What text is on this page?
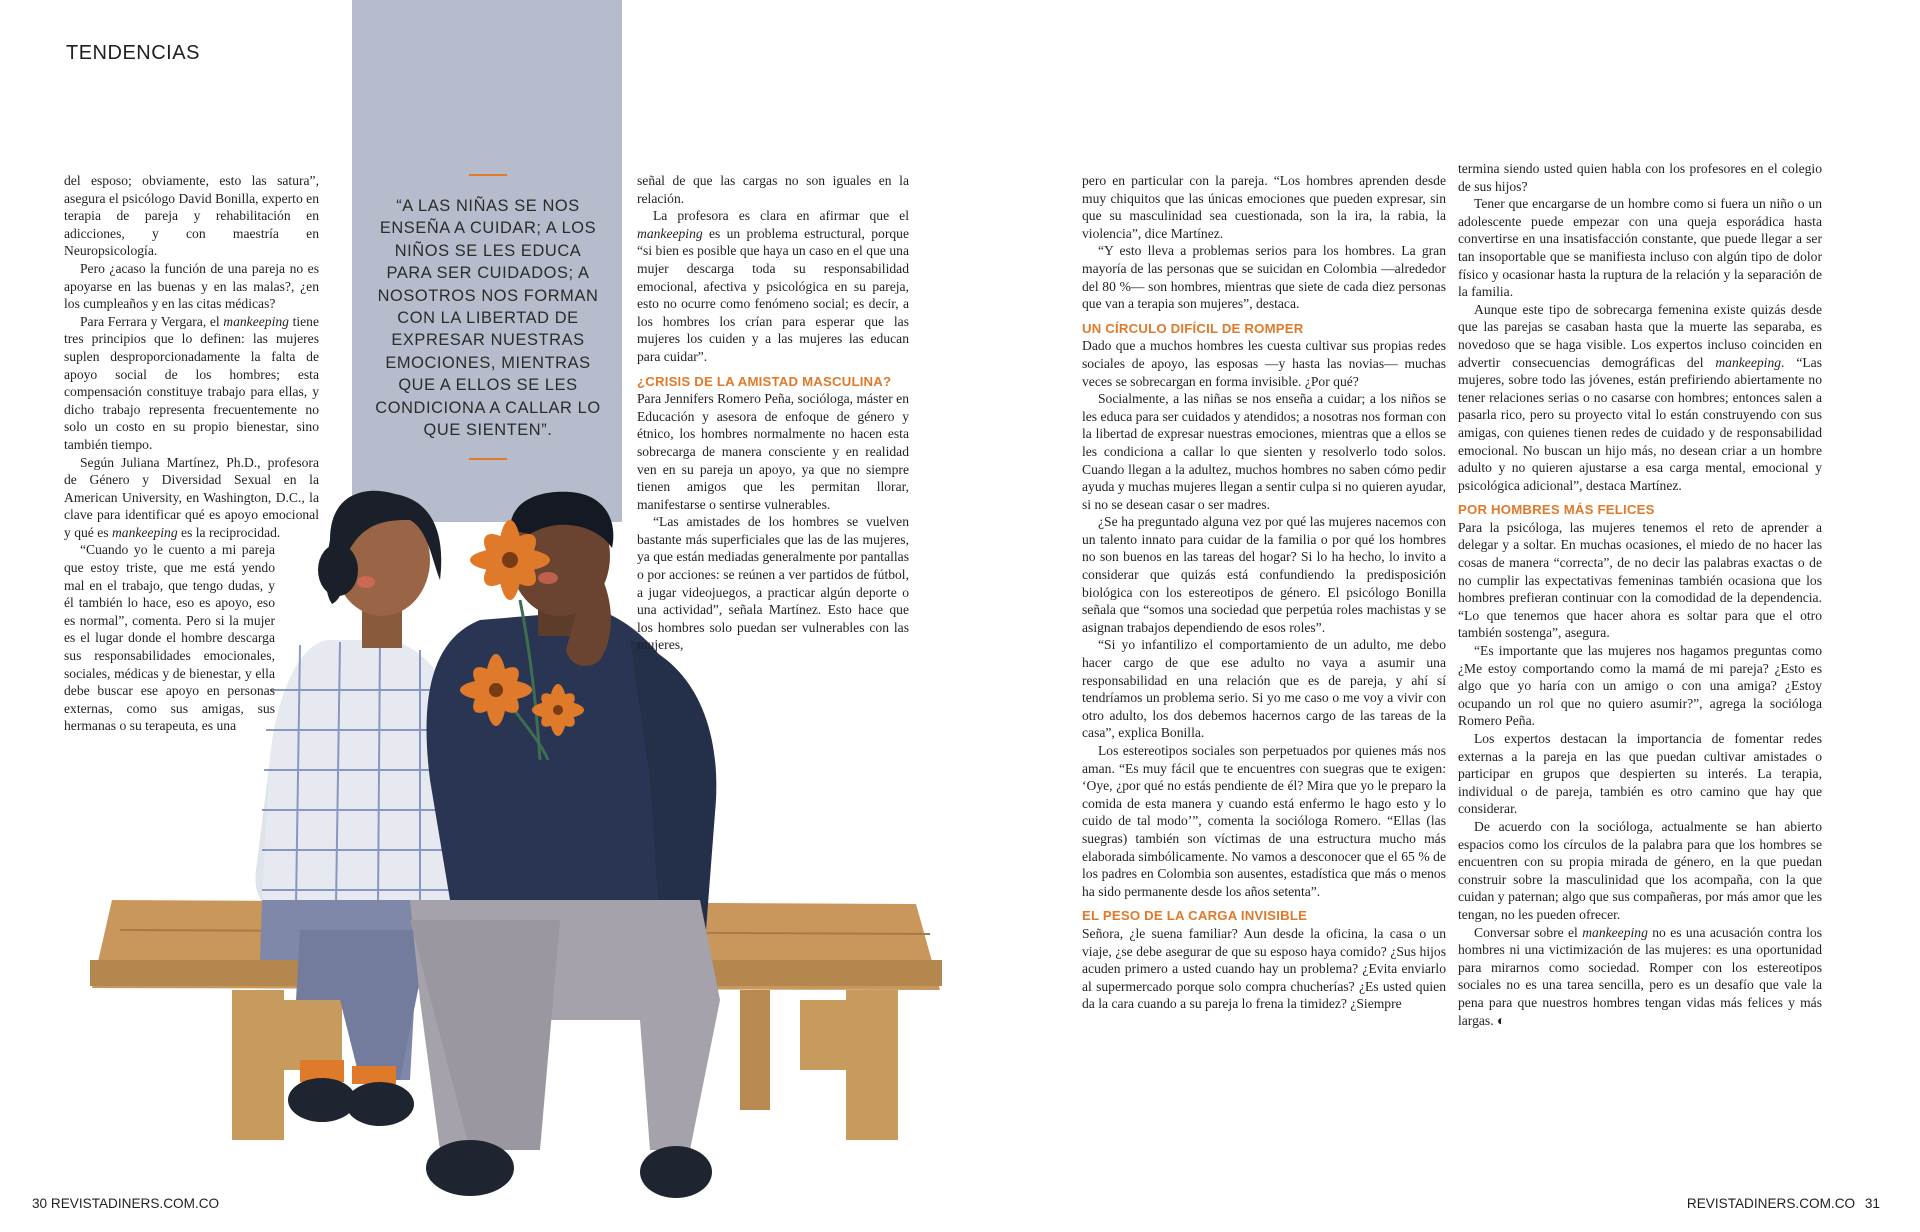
TENDENCIAS
“A LAS NIÑAS SE NOS ENSEÑA A CUIDAR; A LOS NIÑOS SE LES EDUCA PARA SER CUIDADOS; A NOSOTROS NOS FORMAN CON LA LIBERTAD DE EXPRESAR NUESTRAS EMOCIONES, MIENTRAS QUE A ELLOS SE LES CONDICIONA A CALLAR LO QUE SIENTEN”.

del esposo; obviamente, esto las satura”, asegura el psicólogo David Bonilla, experto en terapia de pareja y rehabilitación en adicciones, y con maestría en Neuropsicología.

Pero ¿acaso la función de una pareja no es apoyarse en las buenas y en las malas?, ¿en los cumpleaños y en las citas médicas?

Para Ferrara y Vergara, el mankeeping tiene tres principios que lo definen: las mujeres suplen desproporcionadamente la falta de apoyo social de los hombres; esta compensación constituye trabajo para ellas, y dicho trabajo representa frecuentemente no solo un costo en su propio bienestar, sino también tiempo.

Según Juliana Martínez, Ph.D., profesora de Género y Diversidad Sexual en la American University, en Washington, D.C., la clave para identificar qué es apoyo emocional y qué es mankeeping es la reciprocidad.

“Cuando yo le cuento a mi pareja que estoy triste, que me está yendo mal en el trabajo, que tengo dudas, y él también lo hace, eso es apoyo, eso es normal”, comenta. Pero si la mujer es el lugar donde el hombre descarga sus responsabilidades emocionales, sociales, médicas y de bienestar, y ella debe buscar ese apoyo en personas externas, como sus amigas, sus hermanas o su terapeuta, es una

señal de que las cargas no son iguales en la relación.

La profesora es clara en afirmar que el mankeeping es un problema estructural, porque “si bien es posible que haya un caso en el que una mujer descarga toda su responsabilidad emocional, afectiva y psicológica en su pareja, esto no ocurre como fenómeno social; es decir, a los hombres los crían para esperar que las mujeres los cuiden y a las mujeres las educan para cuidar”.

¿CRISIS DE LA AMISTAD MASCULINA?

Para Jennifers Romero Peña, socióloga, máster en Educación y asesora de enfoque de género y étnico, los hombres normalmente no hacen esta sobrecarga de manera consciente y en realidad ven en su pareja un apoyo, ya que no siempre tienen amigos que les permitan llorar, manifestarse o sentirse vulnerables.

“Las amistades de los hombres se vuelven bastante más superficiales que las de las mujeres, ya que están mediadas generalmente por pantallas o por acciones: se reúnen a ver partidos de fútbol, a jugar videojuegos, a practicar algún deporte o una actividad”, señala Martínez. Esto hace que los hombres solo puedan ser vulnerables con las mujeres,

pero en particular con la pareja. “Los hombres aprenden desde muy chiquitos que las únicas emociones que pueden expresar, sin que su masculinidad sea cuestionada, son la ira, la rabia, la violencia”, dice Martínez.

“Y esto lleva a problemas serios para los hombres. La gran mayoría de las personas que se suicidan en Colombia —alrededor del 80 %— son hombres, mientras que siete de cada diez personas que van a terapia son mujeres”, destaca.

UN CÍRCULO DIFÍCIL DE ROMPER

Dado que a muchos hombres les cuesta cultivar sus propias redes sociales de apoyo, las esposas —y hasta las novias— muchas veces se sobrecargan en forma invisible. ¿Por qué?

Socialmente, a las niñas se nos enseña a cuidar; a los niños se les educa para ser cuidados y atendidos; a nosotras nos forman con la libertad de expresar nuestras emociones, mientras que a ellos se les condiciona a callar lo que sienten y resolverlo todo solos. Cuando llegan a la adultez, muchos hombres no saben cómo pedir ayuda y muchas mujeres llegan a sentir culpa si no quieren ayudar, si no se desean casar o ser madres.

¿Se ha preguntado alguna vez por qué las mujeres nacemos con un talento innato para cuidar de la familia o por qué los hombres no son buenos en las tareas del hogar? Si lo ha hecho, lo invito a considerar que quizás está confundiendo la predisposición biológica con los estereotipos de género. El psicólogo Bonilla señala que “somos una sociedad que perpetúa roles machistas y se asignan trabajos dependiendo de esos roles”.

“Si yo infantilizo el comportamiento de un adulto, me debo hacer cargo de que ese adulto no vaya a asumir una responsabilidad en una relación que es de pareja, y ahí sí tendríamos un problema serio. Si yo me caso o me voy a vivir con otro adulto, los dos debemos hacernos cargo de las tareas de la casa”, explica Bonilla.

Los estereotipos sociales son perpetuados por quienes más nos aman. “Es muy fácil que te encuentres con suegras que te exigen: ‘Oye, ¿por qué no estás pendiente de él? Mira que yo le preparo la comida de esta manera y cuando está enfermo le hago esto y lo cuido de tal modo’”, comenta la socióloga Romero. “Ellas (las suegras) también son víctimas de una estructura mucho más elaborada simbólicamente. No vamos a desconocer que el 65 % de los padres en Colombia son ausentes, estadística que más o menos ha sido permanente desde los años setenta”.

EL PESO DE LA CARGA INVISIBLE

Señora, ¿le suena familiar? Aun desde la oficina, la casa o un viaje, ¿se debe asegurar de que su esposo haya comido? ¿Sus hijos acuden primero a usted cuando hay un problema? ¿Evita enviarlo al supermercado porque solo compra chucherías? ¿Es usted quien da la cara cuando a su pareja lo frena la timidez? ¿Siempre

termina siendo usted quien habla con los profesores en el colegio de sus hijos?

Tener que encargarse de un hombre como si fuera un niño o un adolescente puede empezar con una queja esporádica hasta convertirse en una insatisfacción constante, que puede llegar a ser tan insoportable que se manifiesta incluso con algún tipo de dolor físico y ocasionar hasta la ruptura de la relación y la separación de la familia.

Aunque este tipo de sobrecarga femenina existe quizás desde que las parejas se casaban hasta que la muerte las separaba, es novedoso que se haga visible. Los expertos incluso coinciden en advertir consecuencias demográficas del mankeeping. “Las mujeres, sobre todo las jóvenes, están prefiriendo abiertamente no tener relaciones serias o no casarse con hombres; entonces salen a pasarla rico, pero su proyecto vital lo están construyendo con sus amigas, con quienes tienen redes de cuidado y de responsabilidad emocional. No buscan un hijo más, no desean criar a un hombre adulto y no quieren ajustarse a esa carga mental, emocional y psicológica adicional”, destaca Martínez.

POR HOMBRES MÁS FELICES

Para la psicóloga, las mujeres tenemos el reto de aprender a delegar y a soltar. En muchas ocasiones, el miedo de no hacer las cosas de manera “correcta”, de no decir las palabras exactas o de no cumplir las expectativas femeninas también ocasiona que los hombres prefieran continuar con la comodidad de la dependencia. “Lo que tenemos que hacer ahora es soltar para que el otro también sostenga”, asegura.

“Es importante que las mujeres nos hagamos preguntas como ¿Me estoy comportando como la mamá de mi pareja? ¿Esto es algo que yo haría con un amigo o con una amiga? ¿Estoy ocupando un rol que no quiero asumir?”, agrega la socióloga Romero Peña.

Los expertos destacan la importancia de fomentar redes externas a la pareja en las que puedan cultivar amistades o participar en grupos que despierten su interés. La terapia, individual o de pareja, también es otro camino que hay que considerar.

De acuerdo con la socióloga, actualmente se han abierto espacios como los círculos de la palabra para que los hombres se encuentren con su propia mirada de género, en la que puedan construir sobre la masculinidad que los acompaña, con la que cuidan y paternan; algo que sus compañeras, por más amor que les tengan, no les pueden ofrecer.

Conversar sobre el mankeeping no es una acusación contra los hombres ni una victimización de las mujeres: es una oportunidad para mirarnos como sociedad. Romper con los estereotipos sociales no es una tarea sencilla, pero es un desafío que vale la pena para que nuestros hombres tengan vidas más felices y más largas. ◐

30 REVISTADINERS.COM.CO	REVISTADINERS.COM.CO 31
